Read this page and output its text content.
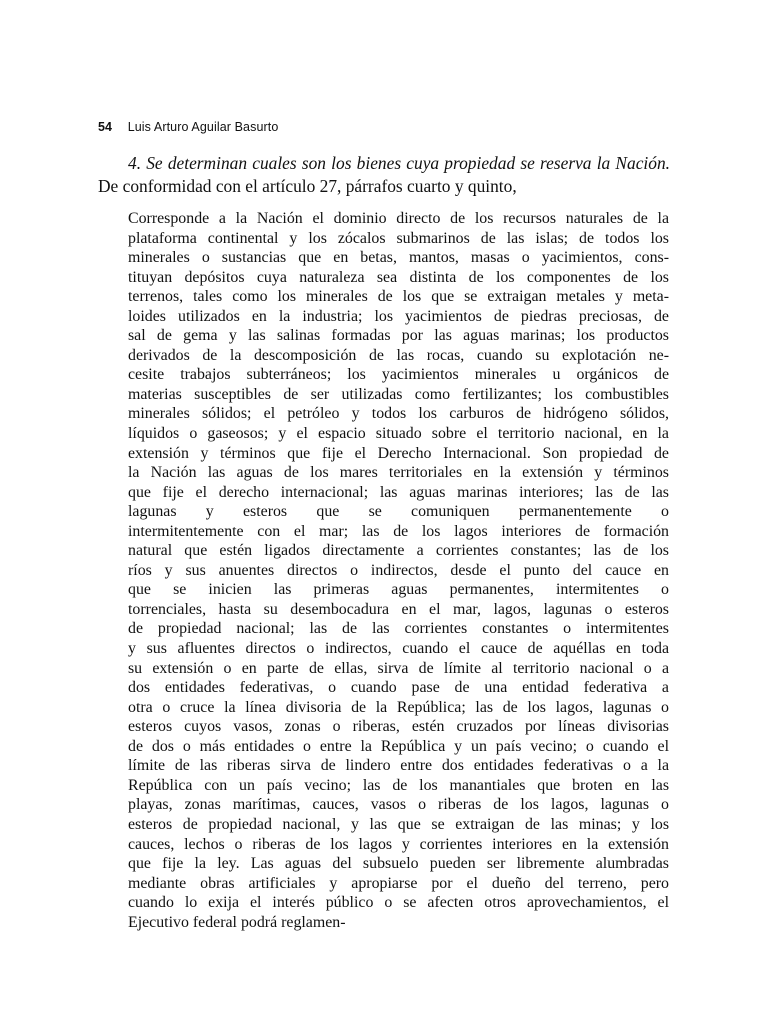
54 Luis Arturo Aguilar Basurto

4. Se determinan cuales son los bienes cuya propiedad se reserva la Nación. De conformidad con el artículo 27, párrafos cuarto y quinto,

Corresponde a la Nación el dominio directo de los recursos naturales de la
plataforma continental y los zócalos submarinos de las islas; de todos los
minerales o sustancias que en betas, mantos, masas o yacimientos, cons-
tituyan depósitos cuya naturaleza sea distinta de los componentes de los
terrenos, tales como los minerales de los que se extraigan metales y meta-
loides utilizados en la industria; los yacimientos de piedras preciosas, de
sal de gema y las salinas formadas por las aguas marinas; los productos
derivados de la descomposición de las rocas, cuando su explotación ne-
cesite trabajos subterráneos; los yacimientos minerales u orgánicos de
materias susceptibles de ser utilizadas como fertilizantes; los combustibles
minerales sólidos; el petróleo y todos los carburos de hidrógeno sólidos,
líquidos o gaseosos; y el espacio situado sobre el territorio nacional, en la
extensión y términos que fije el Derecho Internacional. Son propiedad de
la Nación las aguas de los mares territoriales en la extensión y términos
que fije el derecho internacional; las aguas marinas interiores; las de las
lagunas y esteros que se comuniquen permanentemente o
intermitentemente con el mar; las de los lagos interiores de formación
natural que estén ligados directamente a corrientes constantes; las de los
ríos y sus anuentes directos o indirectos, desde el punto del cauce en
que se inicien las primeras aguas permanentes, intermitentes o
torrenciales, hasta su desembocadura en el mar, lagos, lagunas o esteros
de propiedad nacional; las de las corrientes constantes o intermitentes
y sus afluentes directos o indirectos, cuando el cauce de aquéllas en toda
su extensión o en parte de ellas, sirva de límite al territorio nacional o a
dos entidades federativas, o cuando pase de una entidad federativa a
otra o cruce la línea divisoria de la República; las de los lagos, lagunas o
esteros cuyos vasos, zonas o riberas, estén cruzados por líneas divisorias
de dos o más entidades o entre la República y un país vecino; o cuando el
límite de las riberas sirva de lindero entre dos entidades federativas o a la
República con un país vecino; las de los manantiales que broten en las
playas, zonas marítimas, cauces, vasos o riberas de los lagos, lagunas o
esteros de propiedad nacional, y las que se extraigan de las minas; y los
cauces, lechos o riberas de los lagos y corrientes interiores en la extensión
que fije la ley. Las aguas del subsuelo pueden ser libremente alumbradas
mediante obras artificiales y apropiarse por el dueño del terreno, pero
cuando lo exija el interés público o se afecten otros aprovechamientos, el
Ejecutivo federal podrá reglamen-
